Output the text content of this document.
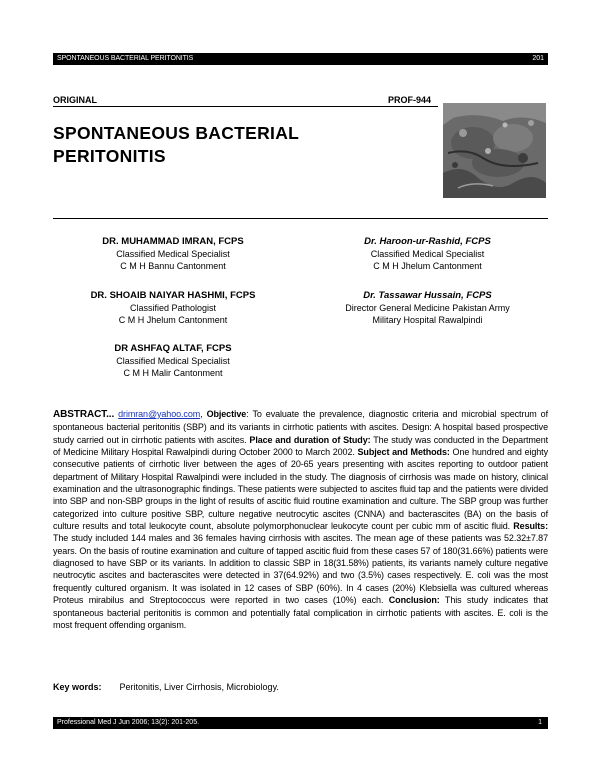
SPONTANEOUS BACTERIAL PERITONITIS	201
ORIGINAL	PROF-944
SPONTANEOUS BACTERIAL PERITONITIS
DR. MUHAMMAD IMRAN, FCPS
Classified Medical Specialist
C M H Bannu Cantonment
DR. SHOAIB NAIYAR HASHMI, FCPS
Classified Pathologist
C M H Jhelum Cantonment
DR ASHFAQ ALTAF, FCPS
Classified Medical Specialist
C M H Malir Cantonment
Dr. Haroon-ur-Rashid, FCPS
Classified Medical Specialist
C M H Jhelum Cantonment
Dr. Tassawar Hussain, FCPS
Director General Medicine Pakistan Army
Military Hospital Rawalpindi
ABSTRACT... drimran@yahoo.com, Objective: To evaluate the prevalence, diagnostic criteria and microbial spectrum of spontaneous bacterial peritonitis (SBP) and its variants in cirrhotic patients with ascites. Design: A hospital based prospective study carried out in cirrhotic patients with ascites. Place and duration of Study: The study was conducted in the Department of Medicine Military Hospital Rawalpindi during October 2000 to March 2002. Subject and Methods: One hundred and eighty consecutive patients of cirrhotic liver between the ages of 20-65 years presenting with ascites reporting to outdoor patient department of Military Hospital Rawalpindi were included in the study. The diagnosis of cirrhosis was made on history, clinical examination and the ultrasonographic findings. These patients were subjected to ascites fluid tap and the patients were divided into SBP and non-SBP groups in the light of results of ascitic fluid routine examination and culture. The SBP group was further categorized into culture positive SBP, culture negative neutrocytic ascites (CNNA) and bacterascites (BA) on the basis of culture results and total leukocyte count, absolute polymorphonuclear leukocyte count per cubic mm of ascitic fluid. Results: The study included 144 males and 36 females having cirrhosis with ascites. The mean age of these patients was 52.32±7.87 years. On the basis of routine examination and culture of tapped ascitic fluid from these cases 57 of 180(31.66%) patients were diagnosed to have SBP or its variants. In addition to classic SBP in 18(31.58%) patients, its variants namely culture negative neutrocytic ascites and bacterascites were detected in 37(64.92%) and two (3.5%) cases respectively. E. coli was the most frequently cultured organism. It was isolated in 12 cases of SBP (60%). In 4 cases (20%) Klebsiella was cultured whereas Proteus mirabilus and Streptococcus were reported in two cases (10%) each. Conclusion: This study indicates that spontaneous bacterial peritonitis is common and potentially fatal complication in cirrhotic patients with ascites. E. coli is the most frequent offending organism.
Key words: Peritonitis, Liver Cirrhosis, Microbiology.
Professional Med J Jun 2006; 13(2): 201-205.	1
